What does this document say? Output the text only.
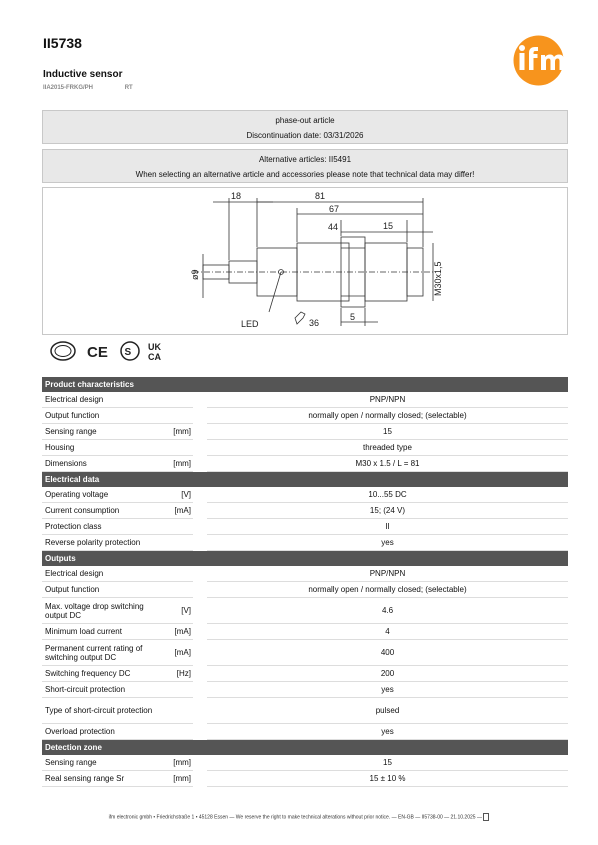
II5738
Inductive sensor
IIA2015-FRKG/PH	RT
phase-out article
Discontinuation date: 03/31/2026
Alternative articles: II5491
When selecting an alternative article and accessories please note that technical data may differ!
18	81
67
44	15
LED	36
5
ø9	M30x1,5
CE S UK
CA
Product characteristics			
Electrical design			PNP/NPN
Output function			normally open / normally closed; (selectable)
Sensing range	[mm]		15
Housing			threaded type
Dimensions	[mm]		M30 x 1.5 / L = 81
Electrical data			
Operating voltage	[V]		10...55 DC
Current consumption	[mA]		15; (24 V)
Protection class			II
Reverse polarity protection			yes
Outputs			
Electrical design			PNP/NPN
Output function			normally open / normally closed; (selectable)
Max. voltage drop switching output DC	[V]		4.6
Minimum load current	[mA]		4
Permanent current rating of switching output DC	[mA]		400
Switching frequency DC	[Hz]		200
Short-circuit protection			yes
Type of short-circuit protection			pulsed
Overload protection			yes
Detection zone			
Sensing range	[mm]		15
Real sensing range Sr	[mm]		15 ± 10 %
ifm electronic gmbh • Friedrichstraße 1 • 45128 Essen — We reserve the right to make technical alterations without prior notice. — EN-GB — II5738-00 — 21.10.2025 —
